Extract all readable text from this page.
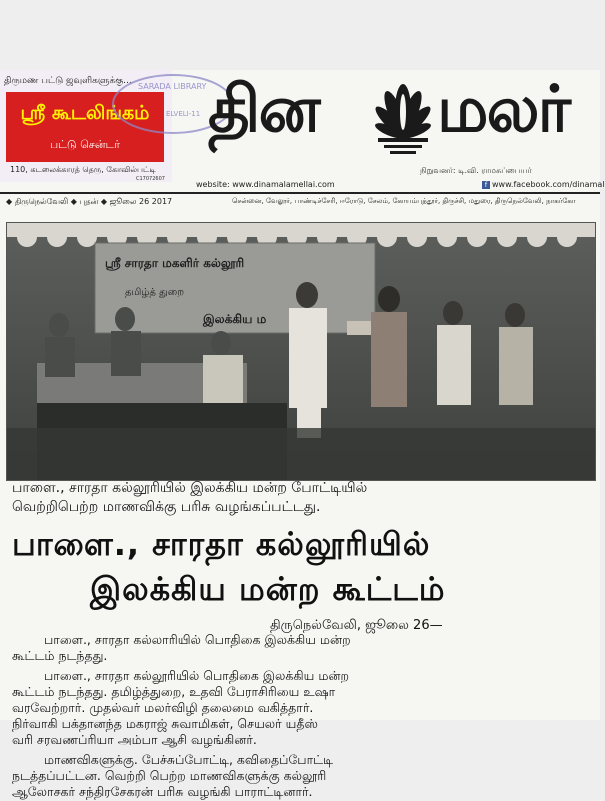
திருமண பட்டு ஜவுளிகளுக்கு...
ஸ்ரீ கூடலிங்கம்
பட்டு சென்டர்
110, கடலைக்காரத் தெரு, கோவில்பட்டி
C17072607
SARADA LIBRARY
ELVELI-11 தின மலர்
நிறுவனர்: டி.வி. ராமசுப்பையர்
website: www.dinamalamellai.com	f www.facebook.com/dinamal
◆ திருநெல்வேலி ◆ புதன் ◆ ஜூலை 26 2017	சென்னை, வேலூர், பாண்டிச்சேரி, ஈரோடு, சேலம், கோயம்புத்தூர், திருச்சி, மதுரை, திருநெல்வேலி, நாகர்கோ
ஸ்ரீ சாரதா மகளிர் கல்லூரி
தமிழ்த் துறை
இலக்கிய ம
பாளை., சாரதா கல்லூரியில் இலக்கிய மன்ற போட்டியில்
வெற்றிபெற்ற மாணவிக்கு பரிசு வழங்கப்பட்டது.
பாளை., சாரதா கல்லூரியில்
இலக்கிய மன்ற கூட்டம்
திருநெல்வேலி, ஜூலை 26—
பாளை., சாரதா கல்லாரியில் பொதிகை இலக்கிய மன்ற
கூட்டம் நடந்தது.
பாளை., சாரதா கல்லூரியில் பொதிகை இலக்கிய மன்ற
கூட்டம் நடந்தது. தமிழ்த்துறை, உதவி பேராசிரியை உஷா
வரவேற்றார். முதல்வர் மலர்விழி தலைமை வகித்தார்.
நிர்வாகி பக்தானந்த மகராஜ் சுவாமிகள், செயலர் யதீஸ்
வரி சரவணப்ரியா அம்பா ஆசி வழங்கினர்.
மாணவிகளுக்கு. பேச்சுப்போட்டி, கவிதைப்போட்டி
நடத்தப்பட்டன. வெற்றி பெற்ற மாணவிகளுக்கு கல்லூரி
ஆலோசகர் சந்திரசேகரன் பரிசு வழங்கி பாராட்டினார்.
